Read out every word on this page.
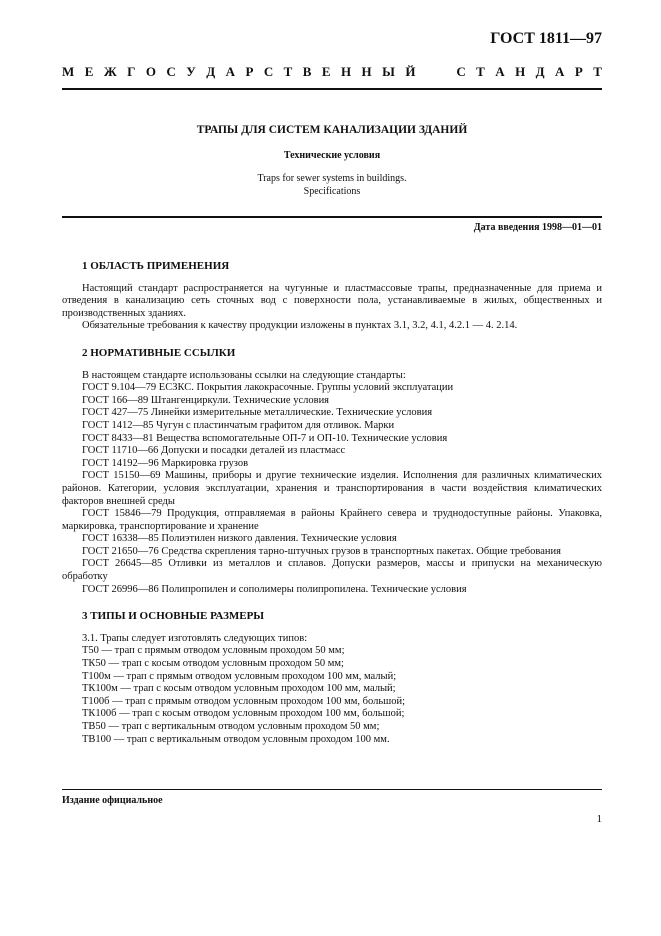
ГОСТ 1811—97
М Е Ж Г О С У Д А Р С Т В Е Н Н Ы Й	С Т А Н Д А Р Т
ТРАПЫ ДЛЯ СИСТЕМ КАНАЛИЗАЦИИ ЗДАНИЙ
Технические условия
Traps for sewer systems in buildings.
Specifications
Дата введения 1998—01—01
1 ОБЛАСТЬ ПРИМЕНЕНИЯ

Настоящий стандарт распространяется на чугунные и пластмассовые трапы, предназначенные для приема и отведения в канализацию сеть сточных вод с поверхности пола, устанавливаемые в жилых, общественных и производственных зданиях.

Обязательные требования к качеству продукции изложены в пунктах 3.1, 3.2, 4.1, 4.2.1 — 4. 2.14.

2 НОРМАТИВНЫЕ ССЫЛКИ
В настоящем стандарте использованы ссылки на следующие стандарты:
ГОСТ 9.104—79 ЕСЗКС. Покрытия лакокрасочные. Группы условий эксплуатации
ГОСТ 166—89 Штангенциркули. Технические условия
ГОСТ 427—75 Линейки измерительные металлические. Технические условия
ГОСТ 1412—85 Чугун с пластинчатым графитом для отливок. Марки
ГОСТ 8433—81 Вещества вспомогательные ОП-7 и ОП-10. Технические условия
ГОСТ 11710—66 Допуски и посадки деталей из пластмасс
ГОСТ 14192—96 Маркировка грузов

ГОСТ 15150—69 Машины, приборы и другие технические изделия. Исполнения для различных климатических районов. Категории, условия эксплуатации, хранения и транспортирования в части воздействия климатических факторов внешней среды

ГОСТ 15846—79 Продукция, отправляемая в районы Крайнего севера и труднодоступные районы. Упаковка, маркировка, транспортирование и хранение

ГОСТ 16338—85 Полиэтилен низкого давления. Технические условия

ГОСТ 21650—76 Средства скрепления тарно-штучных грузов в транспортных пакетах. Общие требования

ГОСТ 26645—85 Отливки из металлов и сплавов. Допуски размеров, массы и припуски на механическую обработку

ГОСТ 26996—86 Полипропилен и сополимеры полипропилена. Технические условия

3 ТИПЫ И ОСНОВНЫЕ РАЗМЕРЫ
3.1. Трапы следует изготовлять следующих типов:
Т50 — трап с прямым отводом условным проходом 50 мм;
ТК50 — трап с косым отводом условным проходом 50 мм;
Т100м — трап с прямым отводом условным проходом 100 мм, малый;
ТК100м — трап с косым отводом условным проходом 100 мм, малый;
Т100б — трап с прямым отводом условным проходом 100 мм, большой;
ТК100б — трап с косым отводом условным проходом 100 мм, большой;
ТВ50 — трап с вертикальным отводом условным проходом 50 мм;
ТВ100 — трап с вертикальным отводом условным проходом 100 мм.
Издание официальное
1
